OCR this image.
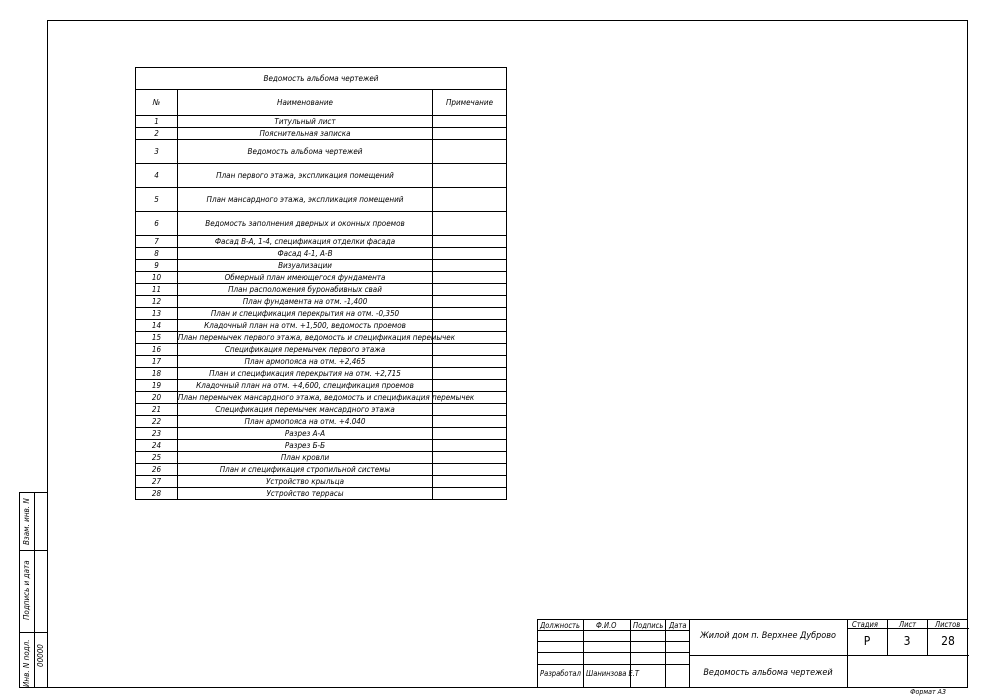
Взам. инв. N
Подпись и дата
Инв. N подл. 00000
Ведомость альбома чертежей		
№	Наименование	Примечание
1	Титульный лист	
2	Пояснительная записка	
3	Ведомость альбома чертежей	
4	План первого этажа, экспликация помещений	
5	План мансардного этажа, экспликация помещений	
6	Ведомость заполнения дверных и оконных проемов	
7	Фасад В-А, 1-4, спецификация отделки фасада	
8	Фасад 4-1, А-В	
9	Визуализации	
10	Обмерный план имеющегося фундамента	
11	План расположения буронабивных свай	
12	План фундамента на отм. -1,400	
13	План и спецификация перекрытия на отм. -0,350	
14	Кладочный план на отм. +1,500, ведомость проемов	
15	План перемычек первого этажа, ведомость и спецификация перемычек	
16	Спецификация перемычек первого этажа	
17	План армопояса на отм. +2,465	
18	План и спецификация перекрытия на отм. +2,715	
19	Кладочный план на отм. +4,600, спецификация проемов	
20	План перемычек мансардного этажа, ведомость и спецификация перемычек	
21	Спецификация перемычек мансардного этажа	
22	План армопояса на отм. +4.040	
23	Разрез А-А	
24	Разрез Б-Б	
25	План кровли	
26	План и спецификация стропильной системы	
27	Устройство крыльца	
28	Устройство террасы	
Должность Ф.И.О Подпись Дата
Разработал Шанинзова Е.Т
Жилой дом п. Верхнее Дуброво
Ведомость альбома чертежей
Стадия	Лист	Листов
Р	3	28
Формат А3
